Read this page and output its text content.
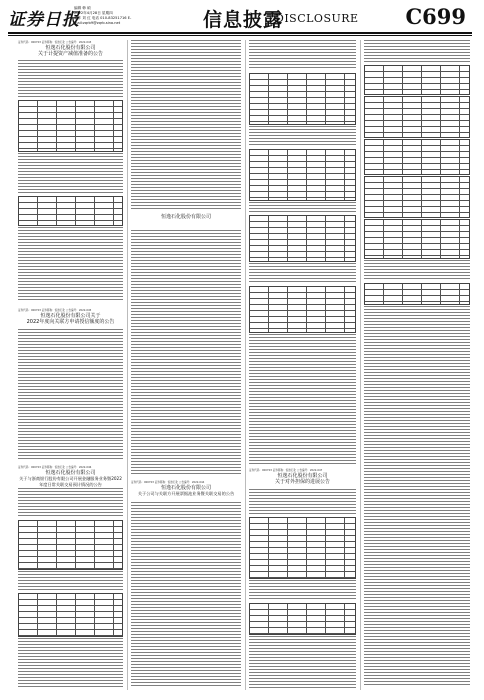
证券日报
编辑 韩 硕
2022年4月28日 星期四
制作 刘 红 电话 010-83251716 E-mail:zqrb9@zqrb.sina.net	信息披露
DISCLOSURE C699
证券代码：000703 证券简称：恒逸石化 公告编号：2022-043
恒逸石化股份有限公司
关于计提资产减值准备的公告
证券代码：000703 证券简称：恒逸石化 公告编号：2022-045
恒逸石化股份有限公司关于
2022年度向关联方申请授信额度的公告
证券代码：000703 证券简称：恒逸石化 公告编号：2022-046
恒逸石化股份有限公司
关于与浙商银行股份有限公司开展金融服务业务暨2022年度日常关联交易预计情况的公告
恒逸石化股份有限公司
证券代码：000703 证券简称：恒逸石化 公告编号：2022-044
恒逸石化股份有限公司
关于公司与关联方开展票据池业务暨关联交易的公告
证券代码：000703 证券简称：恒逸石化 公告编号：2022-047
恒逸石化股份有限公司
关于对外担保的进展公告
